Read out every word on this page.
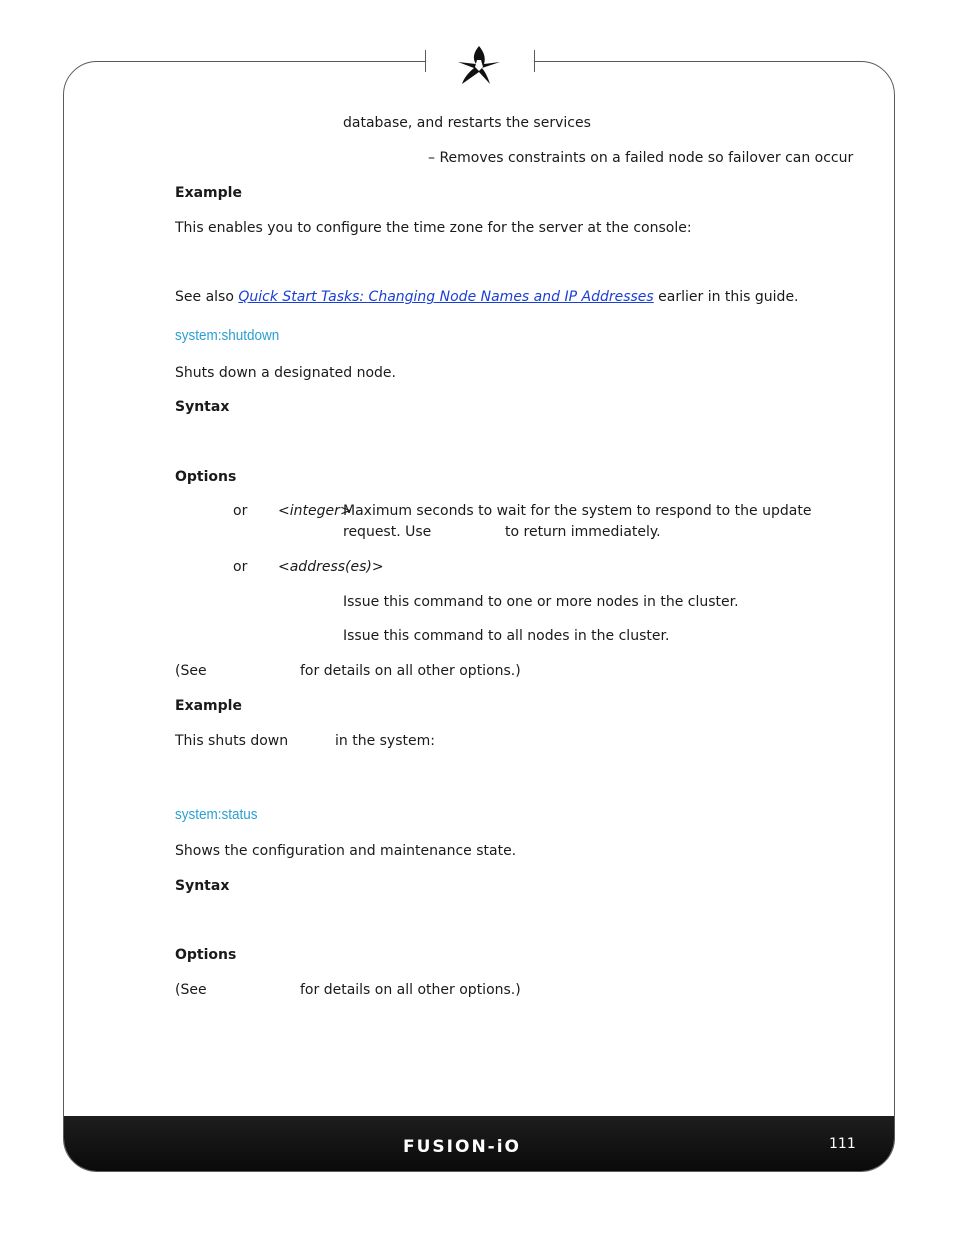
database, and restarts the services
– Removes constraints on a failed node so failover can occur
Example
This enables you to configure the time zone for the server at the console:
See also Quick Start Tasks: Changing Node Names and IP Addresses earlier in this guide.
system:shutdown
Shuts down a designated node.
Syntax
Options
or <integer>
Maximum seconds to wait for the system to respond to the update
request. Use	to return immediately.
or <address(es)>
Issue this command to one or more nodes in the cluster.
Issue this command to all nodes in the cluster.
(See	for details on all other options.)
Example
This shuts down	in the system:
system:status
Shows the configuration and maintenance state.
Syntax
Options
(See	for details on all other options.)
FUSION-iO	111
